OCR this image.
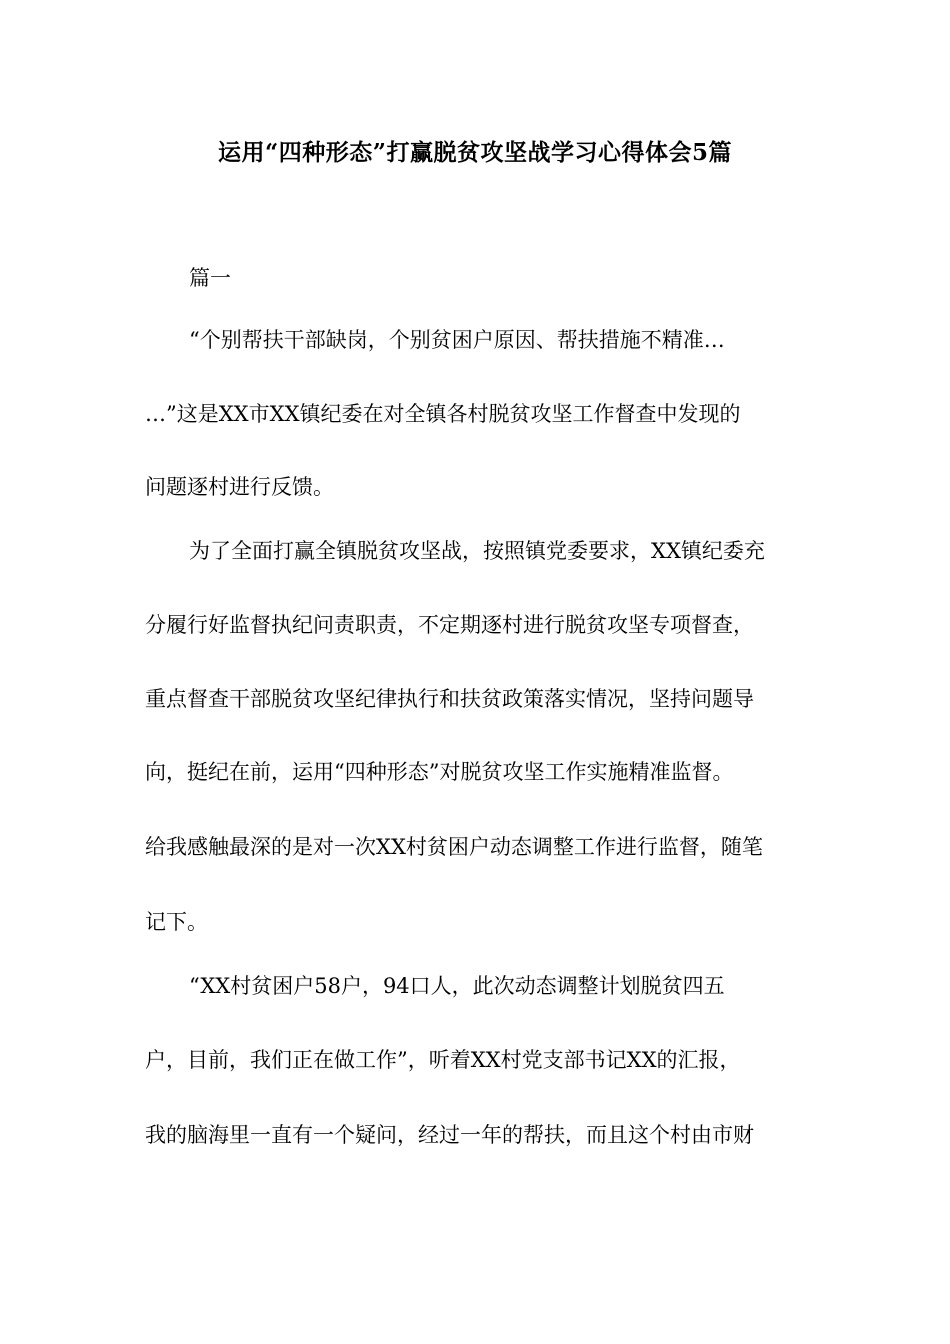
运用“四种形态”打赢脱贫攻坚战学习心得体会5篇
篇一
“个别帮扶干部缺岗，个别贫困户原因、帮扶措施不精准…
…”这是XX市XX镇纪委在对全镇各村脱贫攻坚工作督查中发现的
问题逐村进行反馈。
为了全面打赢全镇脱贫攻坚战，按照镇党委要求，XX镇纪委充
分履行好监督执纪问责职责，不定期逐村进行脱贫攻坚专项督查，
重点督查干部脱贫攻坚纪律执行和扶贫政策落实情况，坚持问题导
向，挺纪在前，运用“四种形态”对脱贫攻坚工作实施精准监督。
给我感触最深的是对一次XX村贫困户动态调整工作进行监督，随笔
记下。
“XX村贫困户58户，94口人，此次动态调整计划脱贫四五
户，目前，我们正在做工作”，听着XX村党支部书记XX的汇报，
我的脑海里一直有一个疑问，经过一年的帮扶，而且这个村由市财
